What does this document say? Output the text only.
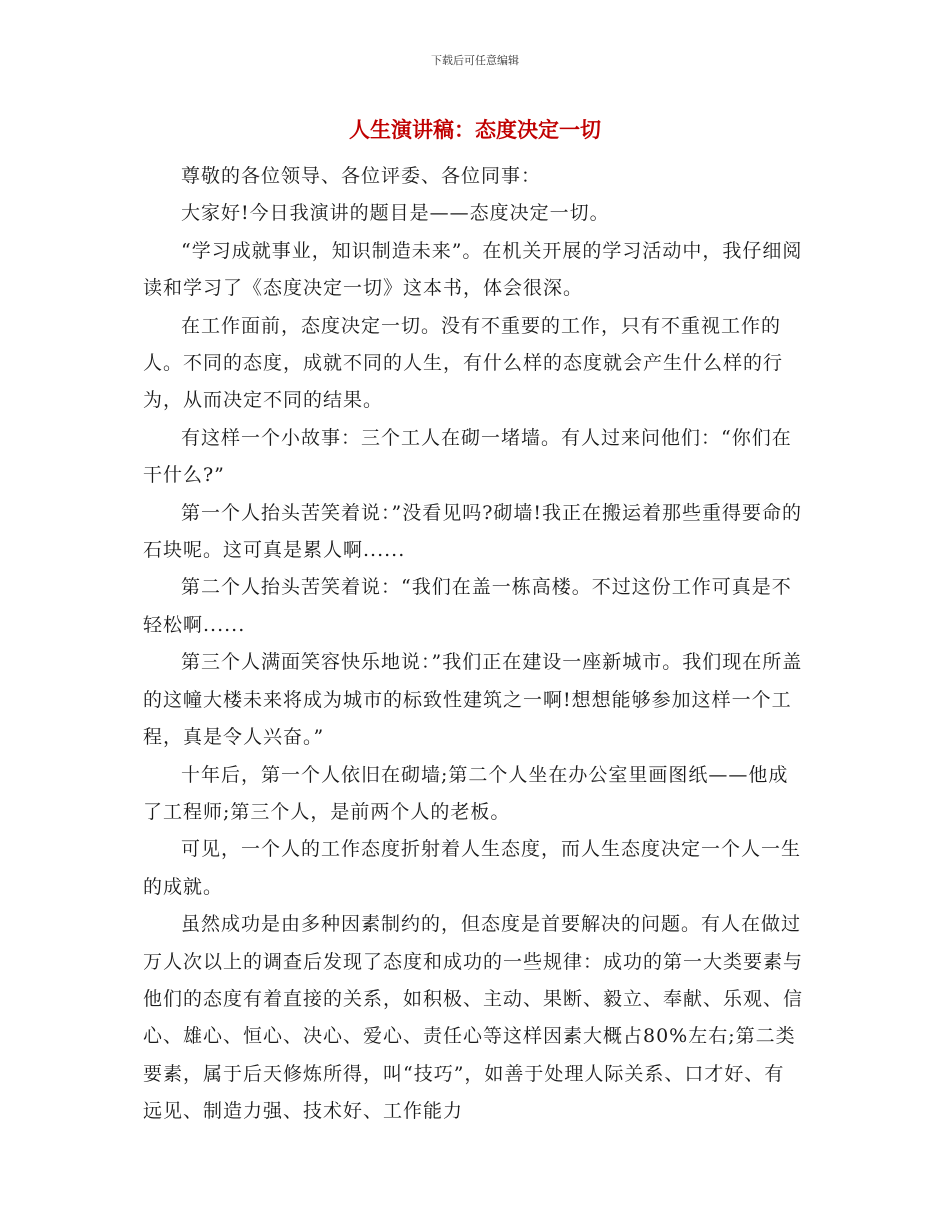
下载后可任意编辑
人生演讲稿：态度决定一切

尊敬的各位领导、各位评委、各位同事：

大家好!今日我演讲的题目是——态度决定一切。

“学习成就事业，知识制造未来”。在机关开展的学习活动中，我仔细阅读和学习了《态度决定一切》这本书，体会很深。

在工作面前，态度决定一切。没有不重要的工作，只有不重视工作的人。不同的态度，成就不同的人生，有什么样的态度就会产生什么样的行为，从而决定不同的结果。

有这样一个小故事：三个工人在砌一堵墙。有人过来问他们：“你们在干什么?”

第一个人抬头苦笑着说：”没看见吗?砌墙!我正在搬运着那些重得要命的石块呢。这可真是累人啊......

第二个人抬头苦笑着说：“我们在盖一栋高楼。不过这份工作可真是不轻松啊......

第三个人满面笑容快乐地说：”我们正在建设一座新城市。我们现在所盖的这幢大楼未来将成为城市的标致性建筑之一啊!想想能够参加这样一个工程，真是令人兴奋。”

十年后，第一个人依旧在砌墙;第二个人坐在办公室里画图纸——他成了工程师;第三个人，是前两个人的老板。

可见，一个人的工作态度折射着人生态度，而人生态度决定一个人一生的成就。

虽然成功是由多种因素制约的，但态度是首要解决的问题。有人在做过万人次以上的调查后发现了态度和成功的一些规律：成功的第一大类要素与他们的态度有着直接的关系，如积极、主动、果断、毅立、奉献、乐观、信心、雄心、恒心、决心、爱心、责任心等这样因素大概占80%左右;第二类要素，属于后天修炼所得，叫“技巧”，如善于处理人际关系、口才好、有远见、制造力强、技术好、工作能力
